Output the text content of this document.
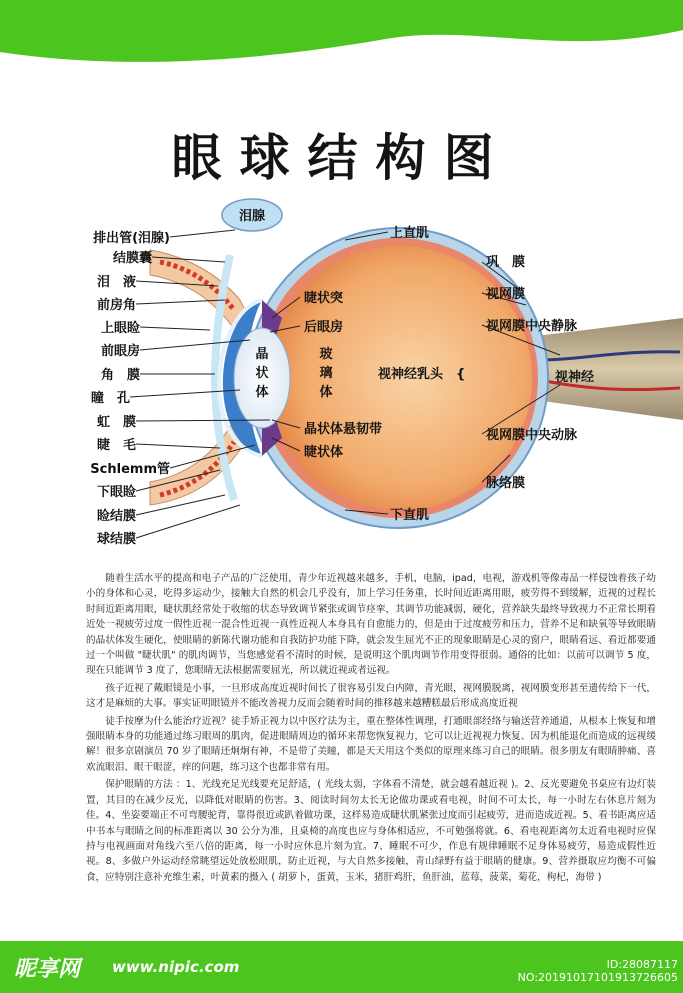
眼球结构图
泪腺
排出管(泪腺)
结膜囊
泪　液
前房角
上眼睑
前眼房
角　膜
瞳　孔
虹　膜
睫　毛
Schlemm管
下眼睑
睑结膜
球结膜
睫状突
后眼房
晶状体悬韧带
睫状体
视神经乳头 {
晶
状
体
玻
璃
体
上直肌
巩　膜
视网膜
视网膜中央静脉
视神经
视网膜中央动脉
脉络膜
下直肌

随着生活水平的提高和电子产品的广泛使用，青少年近视越来越多，手机，电脑，ipad，电视，游戏机等像毒品一样侵蚀着孩子幼小的身体和心灵，吃得多运动少，接触大自然的机会几乎没有，加上学习任务重，长时间近距离用眼，疲劳得不到缓解，近视的过程长时间近距离用眼，睫状肌经常处于收缩的状态导致调节紧张或调节痉挛，其调节功能减弱，硬化，营养缺失最终导致视力不正常长期看近处一视疲劳过度一假性近视一混合性近视一真性近视人本身具有自愈能力的，但是由于过度疲劳和压力，营养不足和缺氧等导致眼睛的晶状体发生硬化，使眼睛的新陈代谢功能和自我防护功能下降，就会发生屈光不正的现象眼睛是心灵的窗户，眼睛看远、看近都要通过一个叫做 "睫状肌" 的肌肉调节，当您感觉看不清时的时候，是说明这个肌肉调节作用变得很弱。通俗的比如：以前可以调节 5 度，现在只能调节 3 度了，您眼睛无法根据需要屈光，所以就近视或者远视。

孩子近视了戴眼镜是小事，一旦形成高度近视时间长了很容易引发白内障，青光眼，视网膜脱离，视网膜变形甚至遗传给下一代，这才是麻烦的大事。事实证明眼镜并不能改善视力反而会随着时间的推移越来越糟糕最后形成高度近视

徒手按摩为什么能治疗近视？徒手矫正视力以中医疗法为主，重在整体性调理，打通眼部经络与输送营养通道，从根本上恢复和增强眼睛本身的功能通过练习眼周的肌肉，促进眼睛周边的循环来帮您恢复视力，它可以让近视视力恢复、因为机能退化而造成的远视缓解！很多京剧演员 70 岁了眼睛还炯炯有神，不是带了美瞳，都是天天用这个类似的原理来练习自己的眼睛。很多朋友有眼睛肿痛、喜欢流眼泪、眼干眼涩，痒的问题，练习这个也都非常有用。

保护眼睛的方法 ：1、光线充足光线要充足舒适，( 光线太弱，字体看不清楚，就会越看越近视 )。2、反光要避免书桌应有边灯装置，其目的在减少反光，以降低对眼睛的伤害。3、阅读时间勿太长无论做功课或看电视，时间不可太长，每一小时左右休息片刻为佳。4、坐姿要端正不可弯腰驼背，靠得很近或趴着做功课，这样易造成睫状肌紧张过度而引起疲劳，进而造成近视。5、看书距离应适中书本与眼睛之间的标准距离以 30 公分为准，且桌椅的高度也应与身体相适应，不可勉强将就。6、看电视距离勿太近看电视时应保持与电视画面对角线六至八倍的距离，每一小时应休息片刻为宜。7、睡眠不可少，作息有规律睡眠不足身体易疲劳，易造成假性近视。8、多做户外运动经常眺望远处放松眼肌，防止近视，与大自然多接触，青山绿野有益于眼睛的健康。9、营养摄取应均衡不可偏食，应特别注意补充维生素，叶黄素的摄入 ( 胡萝卜，蛋黄，玉米，猪肝鸡肝，鱼肝油，蓝莓，菠菜，菊花，枸杞，海带 )

昵享网 www.nipic.com	ID:28087117 NO:20191017101913726605
